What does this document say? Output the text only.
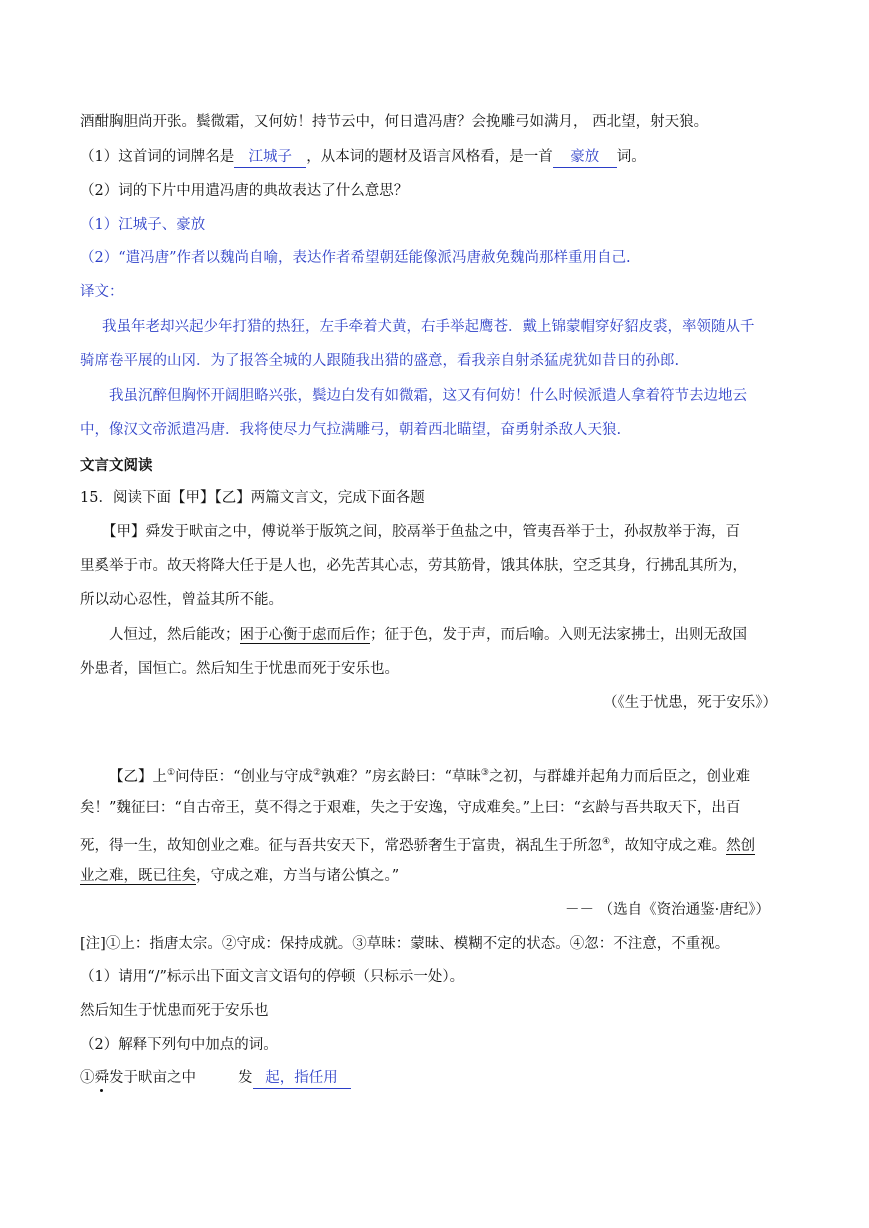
酒酣胸胆尚开张。鬓微霜，又何妨！持节云中，何日遣冯唐？会挽雕弓如满月， 西北望，射天狼。
（1）这首词的词牌名是 江城子 ，从本词的题材及语言风格看，是一首 豪放 词。
（2）词的下片中用遣冯唐的典故表达了什么意思？
（1）江城子、豪放
（2）“遣冯唐”作者以魏尚自喻，表达作者希望朝廷能像派冯唐赦免魏尚那样重用自己.
译文：
我虽年老却兴起少年打猎的热狂，左手牵着犬黄，右手举起鹰苍．戴上锦蒙帽穿好貂皮裘，率领随从千
骑席卷平展的山冈．为了报答全城的人跟随我出猎的盛意，看我亲自射杀猛虎犹如昔日的孙郎.
我虽沉醉但胸怀开阔胆略兴张，鬓边白发有如微霜，这又有何妨！什么时候派遣人拿着符节去边地云
中，像汉文帝派遣冯唐．我将使尽力气拉满雕弓，朝着西北瞄望，奋勇射杀敌人天狼.
文言文阅读
15．阅读下面【甲】【乙】两篇文言文，完成下面各题
【甲】舜发于畎亩之中，傅说举于版筑之间，胶鬲举于鱼盐之中，管夷吾举于士，孙叔敖举于海，百
里奚举于市。故天将降大任于是人也，必先苦其心志，劳其筋骨，饿其体肤，空乏其身，行拂乱其所为，
所以动心忍性，曾益其所不能。
人恒过，然后能改；困于心衡于虑而后作；征于色，发于声，而后喻。入则无法家拂士，出则无敌国
外患者，国恒亡。然后知生于忧患而死于安乐也。
（《生于忧患，死于安乐》）
【乙】上①问侍臣：“创业与守成②孰难？”房玄龄曰：“草昧③之初，与群雄并起角力而后臣之，创业难
矣！”魏征曰：“自古帝王，莫不得之于艰难，失之于安逸，守成难矣。”上曰：“玄龄与吾共取天下，出百
死，得一生，故知创业之难。征与吾共安天下，常恐骄奢生于富贵，祸乱生于所忽④，故知守成之难。然创
业之难，既已往矣，守成之难，方当与诸公慎之。”
－－ （选自《资治通鉴·唐纪》）
[注]①上：指唐太宗。②守成：保持成就。③草昧：蒙昧、模糊不定的状态。④忽：不注意，不重视。
（1）请用“/”标示出下面文言文语句的停顿（只标示一处）。
然后知生于忧患而死于安乐也
（2）解释下列句中加点的词。
①舜发于畎亩之中	发 起，指任用
